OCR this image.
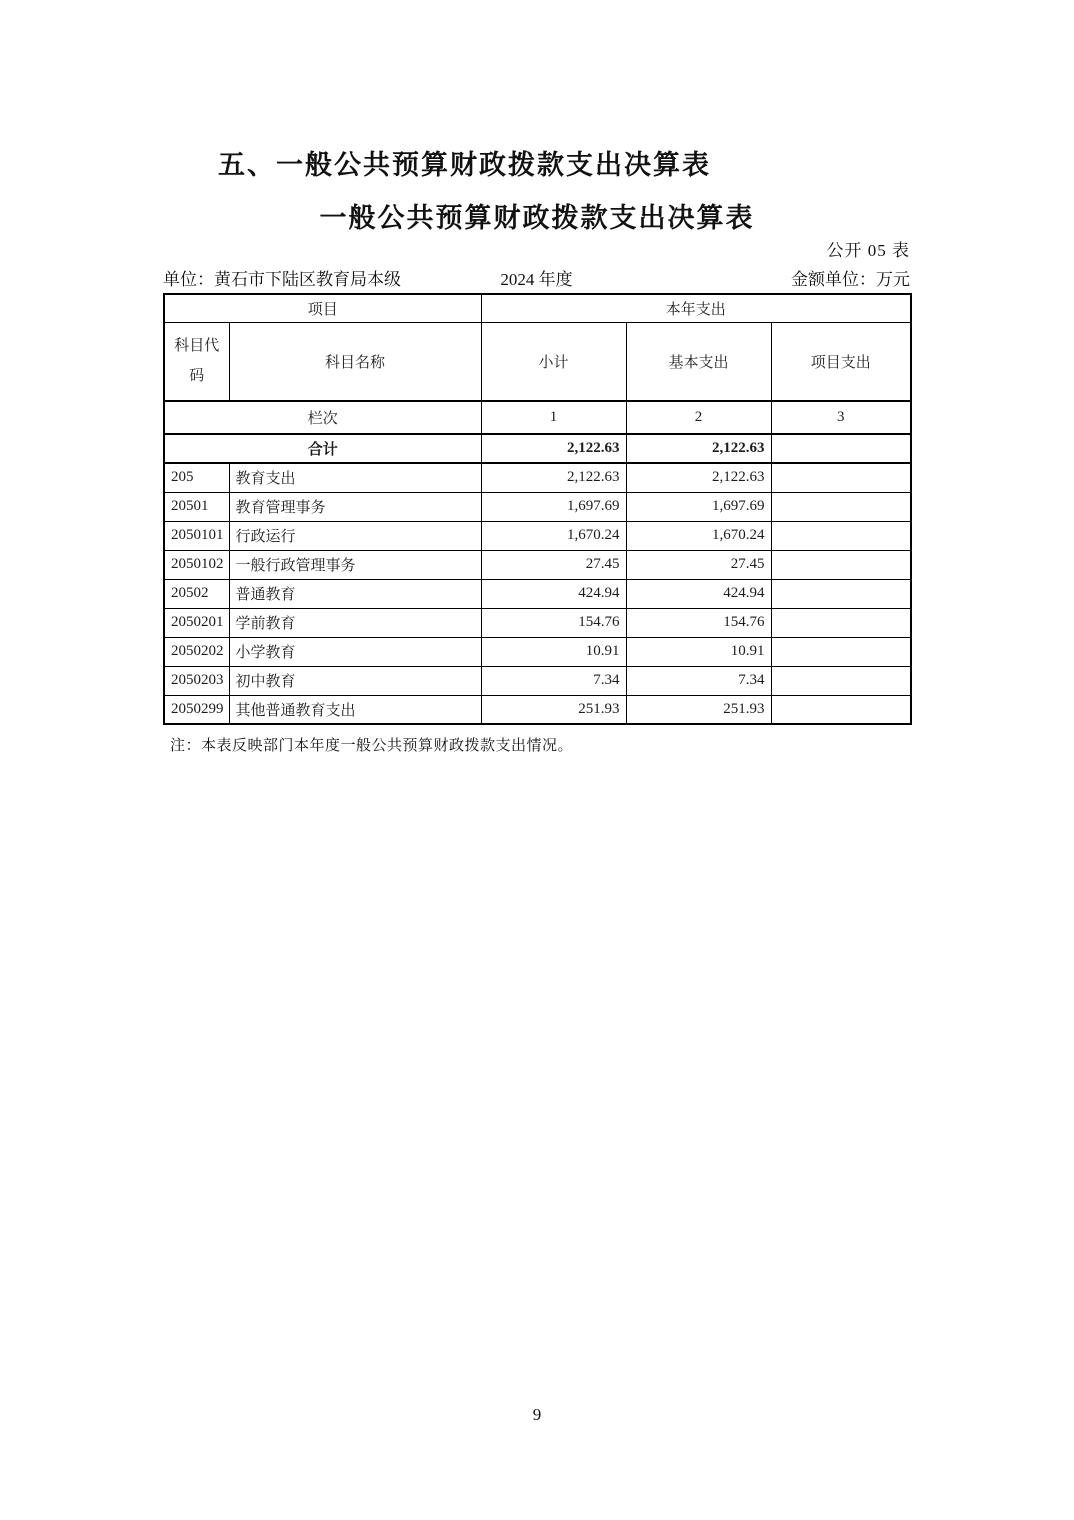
五、一般公共预算财政拨款支出决算表
一般公共预算财政拨款支出决算表
公开 05 表
单位：黄石市下陆区教育局本级	2024 年度	金额单位：万元
项目		本年支出		
科目代码	科目名称	小计	基本支出	项目支出
栏次		1	2	3
合计		2,122.63	2,122.63	
205	教育支出	2,122.63	2,122.63	
20501	教育管理事务	1,697.69	1,697.69	
2050101	行政运行	1,670.24	1,670.24	
2050102	一般行政管理事务	27.45	27.45	
20502	普通教育	424.94	424.94	
2050201	学前教育	154.76	154.76	
2050202	小学教育	10.91	10.91	
2050203	初中教育	7.34	7.34	
2050299	其他普通教育支出	251.93	251.93	
注：本表反映部门本年度一般公共预算财政拨款支出情况。
9
